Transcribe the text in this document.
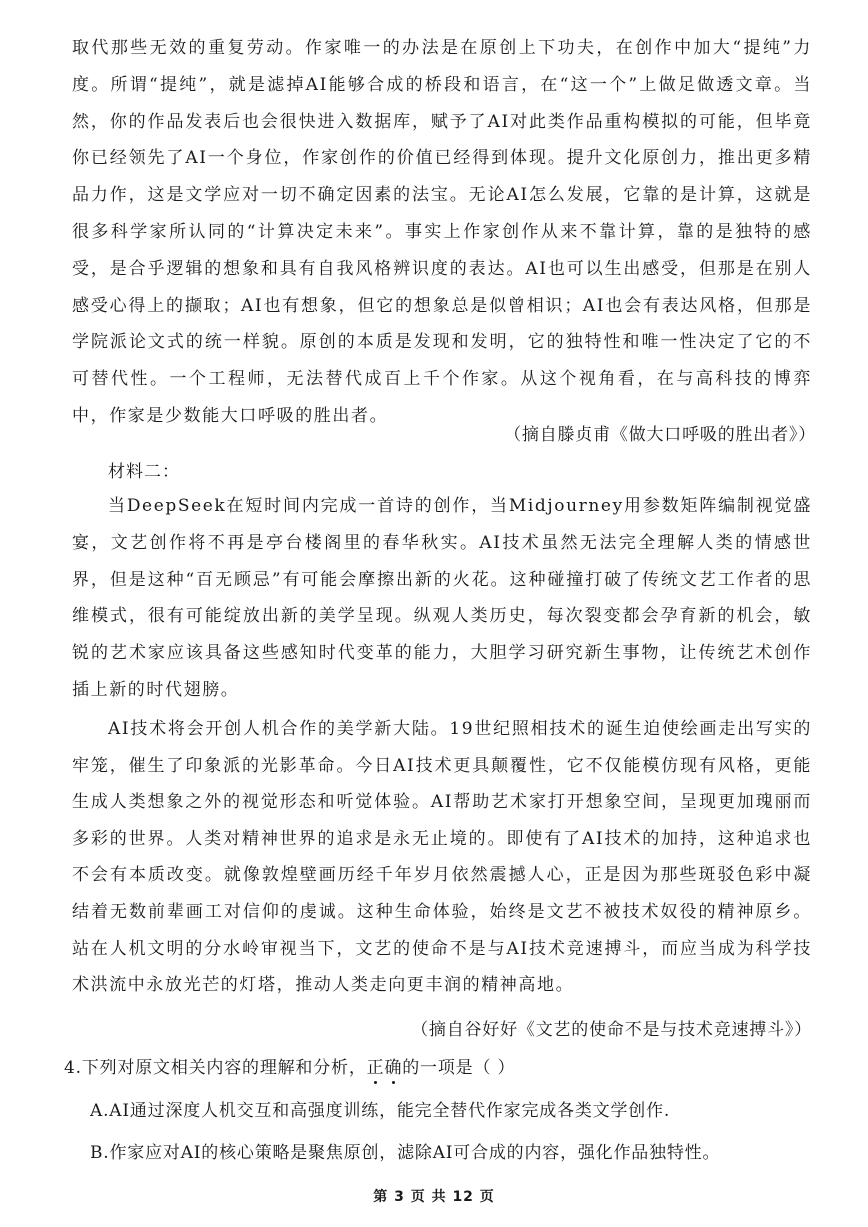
取代那些无效的重复劳动。作家唯一的办法是在原创上下功夫，在创作中加大“提纯”力度。所谓“提纯”，就是滤掉AI能够合成的桥段和语言，在“这一个”上做足做透文章。当然，你的作品发表后也会很快进入数据库，赋予了AI对此类作品重构模拟的可能，但毕竟你已经领先了AI一个身位，作家创作的价值已经得到体现。提升文化原创力，推出更多精品力作，这是文学应对一切不确定因素的法宝。无论AI怎么发展，它靠的是计算，这就是很多科学家所认同的“计算决定未来”。事实上作家创作从来不靠计算，靠的是独特的感受，是合乎逻辑的想象和具有自我风格辨识度的表达。AI也可以生出感受，但那是在别人感受心得上的撷取；AI也有想象，但它的想象总是似曾相识；AI也会有表达风格，但那是学院派论文式的统一样貌。原创的本质是发现和发明，它的独特性和唯一性决定了它的不可替代性。一个工程师，无法替代成百上千个作家。从这个视角看，在与高科技的博弈中，作家是少数能大口呼吸的胜出者。

（摘自滕贞甫《做大口呼吸的胜出者》）
材料二：

当DeepSeek在短时间内完成一首诗的创作，当Midjourney用参数矩阵编制视觉盛宴，文艺创作将不再是亭台楼阁里的春华秋实。AI技术虽然无法完全理解人类的情感世界，但是这种“百无顾忌”有可能会摩擦出新的火花。这种碰撞打破了传统文艺工作者的思维模式，很有可能绽放出新的美学呈现。纵观人类历史，每次裂变都会孕育新的机会，敏锐的艺术家应该具备这些感知时代变革的能力，大胆学习研究新生事物，让传统艺术创作插上新的时代翅膀。

AI技术将会开创人机合作的美学新大陆。19世纪照相技术的诞生迫使绘画走出写实的牢笼，催生了印象派的光影革命。今日AI技术更具颠覆性，它不仅能模仿现有风格，更能生成人类想象之外的视觉形态和听觉体验。AI帮助艺术家打开想象空间，呈现更加瑰丽而多彩的世界。人类对精神世界的追求是永无止境的。即使有了AI技术的加持，这种追求也不会有本质改变。就像敦煌壁画历经千年岁月依然震撼人心，正是因为那些斑驳色彩中凝结着无数前辈画工对信仰的虔诚。这种生命体验，始终是文艺不被技术奴役的精神原乡。站在人机文明的分水岭审视当下，文艺的使命不是与AI技术竞速搏斗，而应当成为科学技术洪流中永放光芒的灯塔，推动人类走向更丰润的精神高地。

（摘自谷好好《文艺的使命不是与技术竞速搏斗》）
4.下列对原文相关内容的理解和分析，正确的一项是（ ）
A.AI通过深度人机交互和高强度训练，能完全替代作家完成各类文学创作.
B.作家应对AI的核心策略是聚焦原创，滤除AI可合成的内容，强化作品独特性。
第 3 页 共 12 页
